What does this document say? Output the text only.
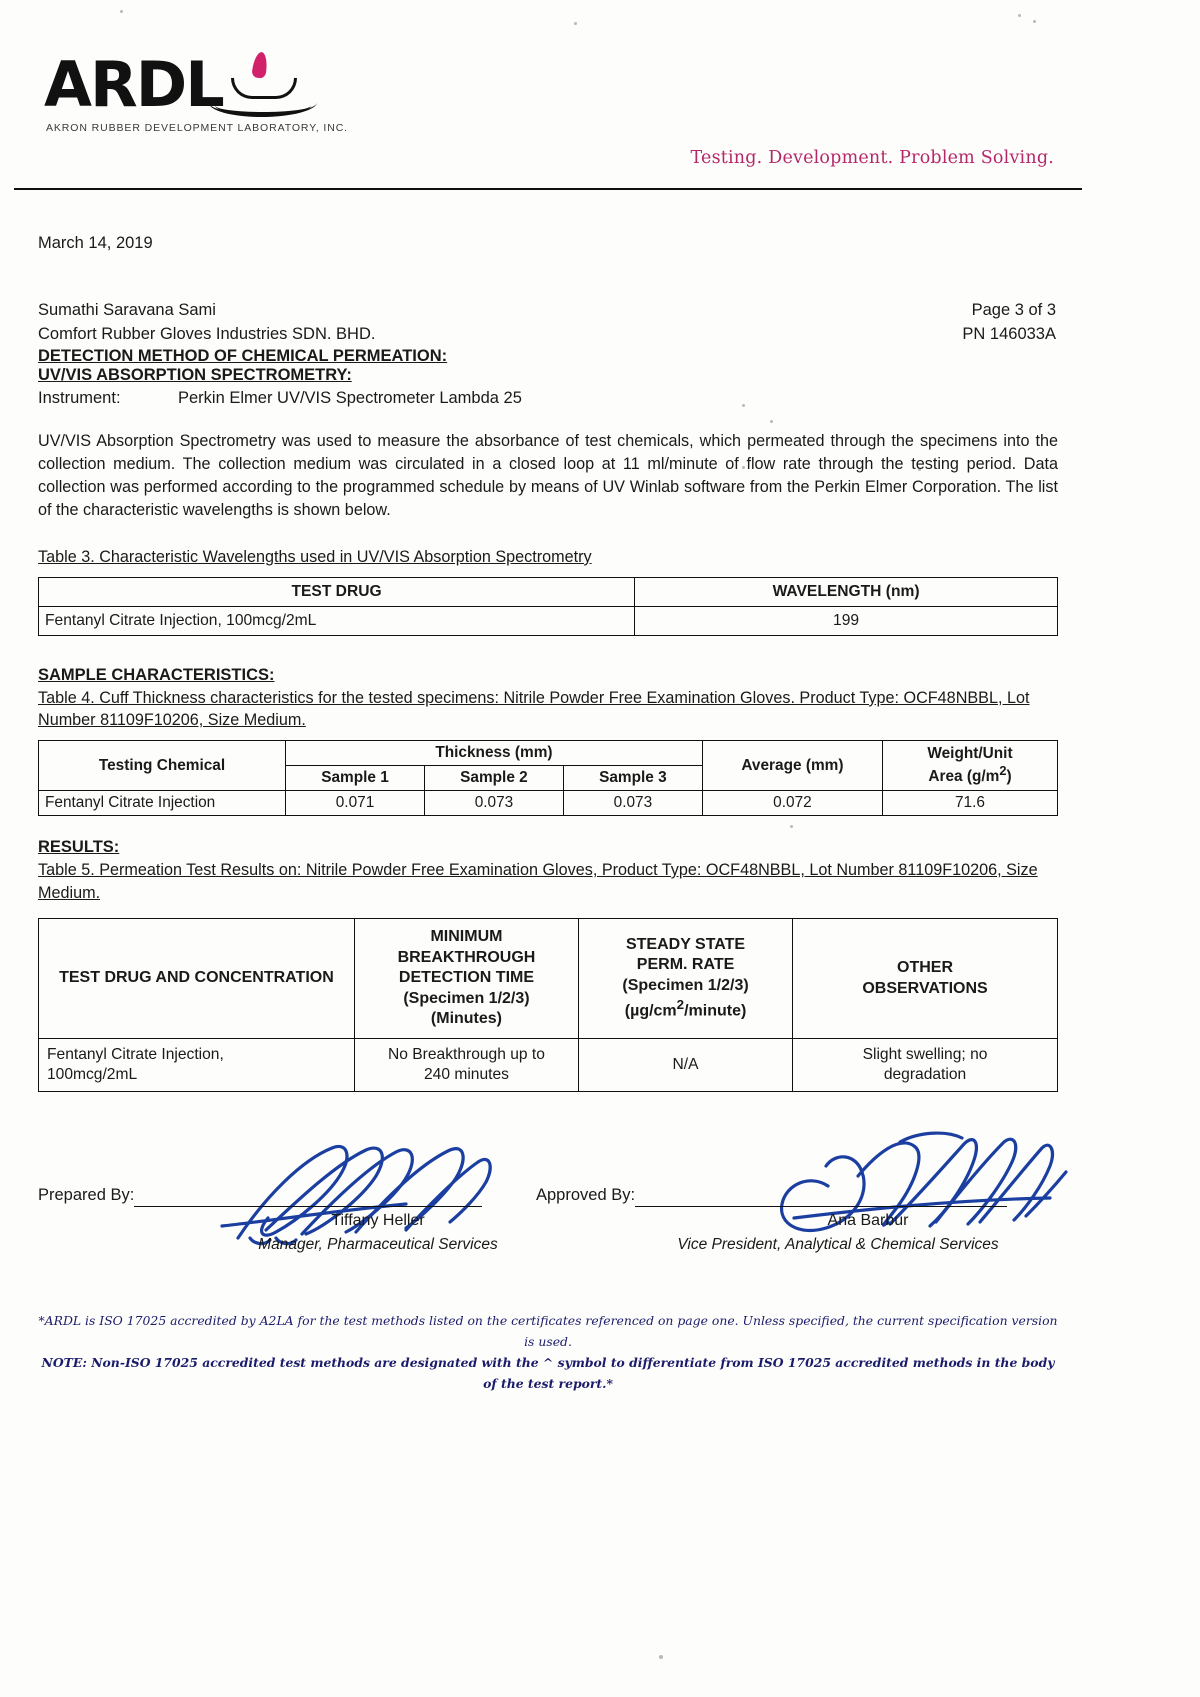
ARDL
AKRON RUBBER DEVELOPMENT LABORATORY, INC.
Testing. Development. Problem Solving.
March 14, 2019
Sumathi Saravana Sami
Comfort Rubber Gloves Industries SDN. BHD.
Page 3 of 3
PN 146033A
DETECTION METHOD OF CHEMICAL PERMEATION:
UV/VIS ABSORPTION SPECTROMETRY:
Instrument:	Perkin Elmer UV/VIS Spectrometer Lambda 25

UV/VIS Absorption Spectrometry was used to measure the absorbance of test chemicals, which permeated through the specimens into the collection medium. The collection medium was circulated in a closed loop at 11 ml/minute of flow rate through the testing period. Data collection was performed according to the programmed schedule by means of UV Winlab software from the Perkin Elmer Corporation. The list of the characteristic wavelengths is shown below.

Table 3. Characteristic Wavelengths used in UV/VIS Absorption Spectrometry
TEST DRUG	WAVELENGTH (nm)
Fentanyl Citrate Injection, 100mcg/2mL	199
SAMPLE CHARACTERISTICS:
Table 4. Cuff Thickness characteristics for the tested specimens: Nitrile Powder Free Examination Gloves. Product Type: OCF48NBBL, Lot Number 81109F10206, Size Medium.
Testing Chemical	Thickness (mm)			Average (mm)	Weight/Unit
Area $(g/m^2)$
	Sample 1	Sample 2	Sample 3		
Fentanyl Citrate Injection	0.071	0.073	0.073	0.072	71.6
RESULTS:
Table 5. Permeation Test Results on: Nitrile Powder Free Examination Gloves, Product Type: OCF48NBBL, Lot Number 81109F10206, Size Medium.
TEST DRUG AND CONCENTRATION	MINIMUM
BREAKTHROUGH
DETECTION TIME
(Specimen 1/2/3)
(Minutes)	STEADY STATE
PERM. RATE
(Specimen 1/2/3)
$(\mu g/cm^2/minute)$	OTHER
OBSERVATIONS
Fentanyl Citrate Injection,
100mcg/2mL	No Breakthrough up to
240 minutes	N/A	Slight swelling; no
degradation
Prepared By:
Tiffany Heller
Manager, Pharmaceutical Services
Approved By:
Ana Barbur
Vice President, Analytical & Chemical Services
*ARDL is ISO 17025 accredited by A2LA for the test methods listed on the certificates referenced on page one. Unless specified, the current specification version is used.
NOTE: Non-ISO 17025 accredited test methods are designated with the ^ symbol to differentiate from ISO 17025 accredited methods in the body of the test report.*
